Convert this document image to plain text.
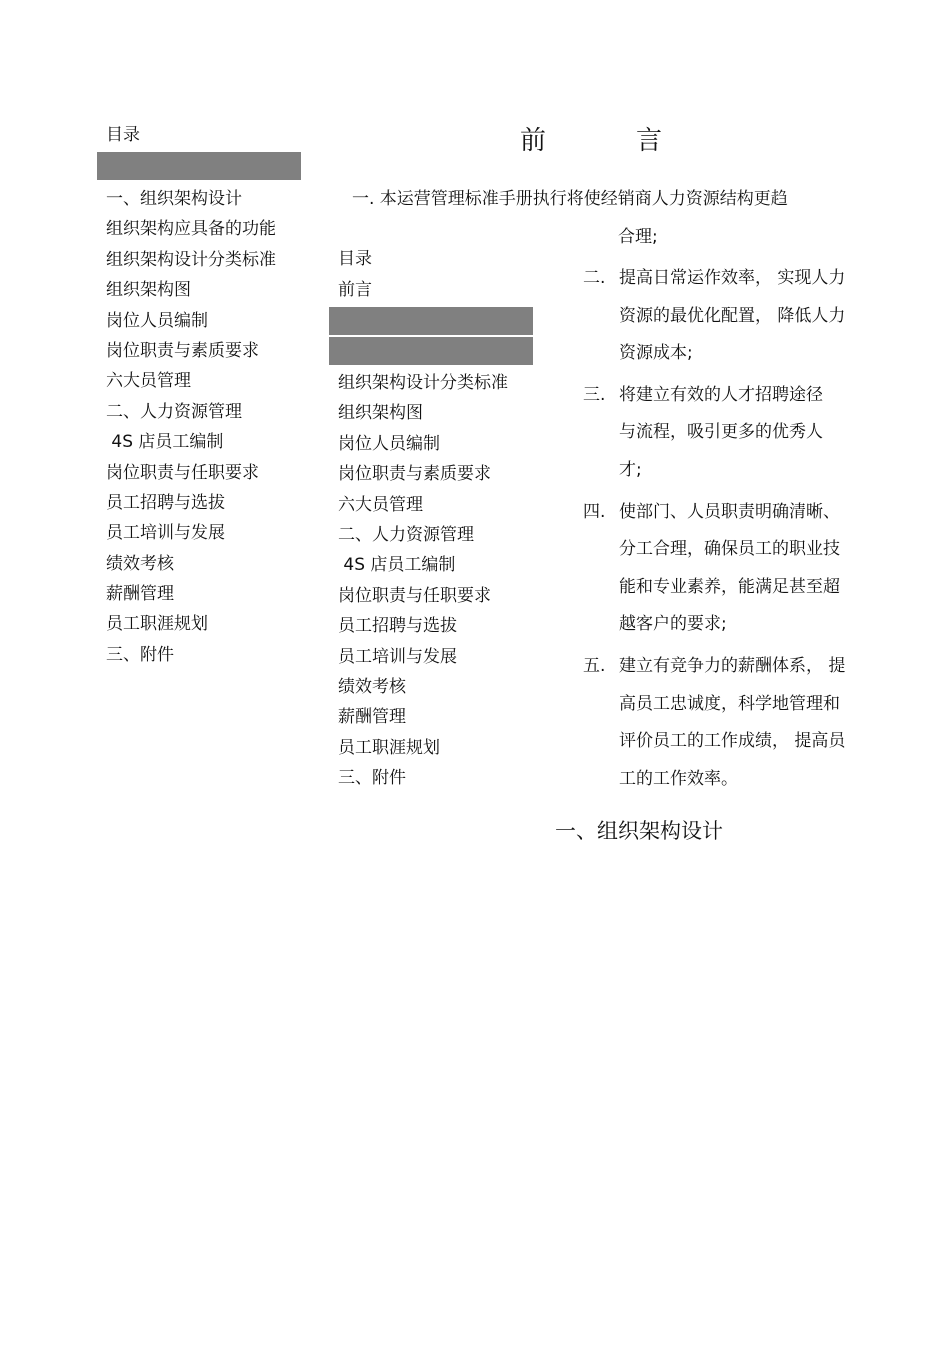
目录
一、组织架构设计
组织架构应具备的功能
组织架构设计分类标准
组织架构图
岗位人员编制
岗位职责与素质要求
六大员管理
二、人力资源管理
4S 店员工编制
岗位职责与任职要求
员工招聘与选拔
员工培训与发展
绩效考核
薪酬管理
员工职涯规划
三、附件
目录
前言
组织架构设计分类标准
组织架构图
岗位人员编制
岗位职责与素质要求
六大员管理
二、人力资源管理
4S 店员工编制
岗位职责与任职要求
员工招聘与选拔
员工培训与发展
绩效考核
薪酬管理
员工职涯规划
三、附件
前	言
一. 本运营管理标准手册执行将使经销商人力资源结构更趋
合理;
二. 提高日常运作效率， 实现人力
资源的最优化配置， 降低人力
资源成本;
三. 将建立有效的人才招聘途径
与流程，吸引更多的优秀人
才;
四. 使部门、人员职责明确清晰、
分工合理，确保员工的职业技
能和专业素养，能满足甚至超
越客户的要求;
五. 建立有竞争力的薪酬体系， 提
高员工忠诚度，科学地管理和
评价员工的工作成绩， 提高员
工的工作效率。
一、组织架构设计
